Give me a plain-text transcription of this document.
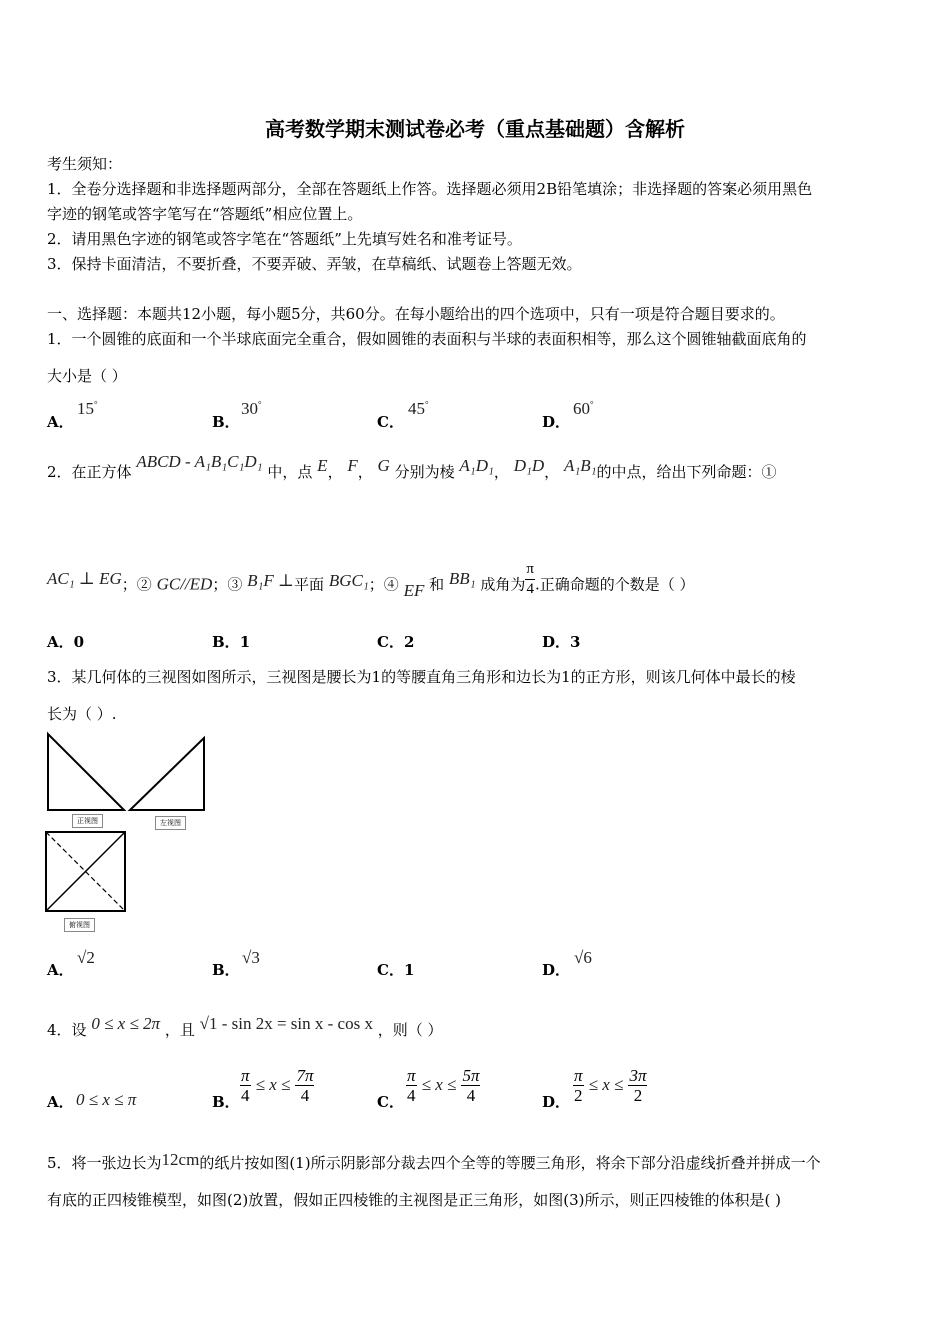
高考数学期末测试卷必考（重点基础题）含解析
考生须知：
1．全卷分选择题和非选择题两部分，全部在答题纸上作答。选择题必须用2B铅笔填涂；非选择题的答案必须用黑色
字迹的钢笔或答字笔写在“答题纸”相应位置上。
2．请用黑色字迹的钢笔或答字笔在“答题纸”上先填写姓名和准考证号。
3．保持卡面清洁，不要折叠，不要弄破、弄皱，在草稿纸、试题卷上答题无效。
一、选择题：本题共12小题，每小题5分，共60分。在每小题给出的四个选项中，只有一项是符合题目要求的。
1．一个圆锥的底面和一个半球底面完全重合，假如圆锥的表面积与半球的表面积相等，那么这个圆锥轴截面底角的
大小是（ ）
A．
15°
B．
30°
C．
45°
D．
60°
2．在正方体 ABCD - A₁B₁C₁D₁ 中，点 E， F， G 分别为棱 A₁D₁， D₁D， A₁B₁的中点，给出下列命题：①
AC₁ ⊥ EG；② GC//ED；③ B₁F ⊥平面 BGC₁；④ EF 和 BB₁ 成角为 $\frac{\pi}{4}$ .正确命题的个数是（ ）
A．0	B．1	C．2	D．3
3．某几何体的三视图如图所示，三视图是腰长为1的等腰直角三角形和边长为1的正方形，则该几何体中最长的棱
长为（ ）.
正视图	左视图
俯视图
A．
√2
B．
√3
C．1	D．
√6
4．设 0 ≤ x ≤ 2π ，且 √1 - sin 2x = sin x - cos x ，则（ ）
A． 0 ≤ x ≤ π	B． $\frac{\pi}{4} \le x \le \frac{7\pi}{4}$	C． $\frac{\pi}{4} \le x \le \frac{5\pi}{4}$	D． $\frac{\pi}{2} \le x \le \frac{3\pi}{2}$
5．将一张边长为12cm的纸片按如图(1)所示阴影部分裁去四个全等的等腰三角形，将余下部分沿虚线折叠并拼成一个
有底的正四棱锥模型，如图(2)放置，假如正四棱锥的主视图是正三角形，如图(3)所示，则正四棱锥的体积是( )
